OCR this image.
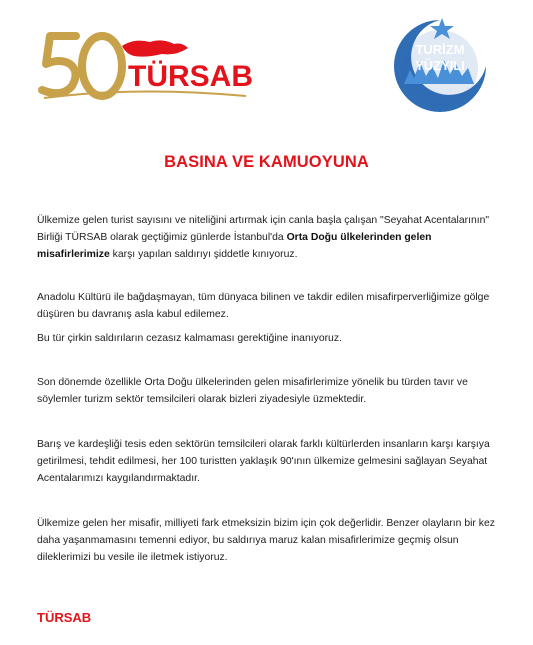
TÜRSAB
TURİZM
YÜZYILI
BASINA VE KAMUOYUNA

Ülkemize gelen turist sayısını ve niteliğini artırmak için canla başla çalışan "Seyahat Acentalarının" Birliği TÜRSAB olarak geçtiğimiz günlerde İstanbul'da Orta Doğu ülkelerinden gelen misafirlerimize karşı yapılan saldırıyı şiddetle kınıyoruz.

Anadolu Kültürü ile bağdaşmayan, tüm dünyaca bilinen ve takdir edilen misafirperverliğimize gölge düşüren bu davranış asla kabul edilemez.

Bu tür çirkin saldırıların cezasız kalmaması gerektiğine inanıyoruz.

Son dönemde özellikle Orta Doğu ülkelerinden gelen misafirlerimize yönelik bu türden tavır ve söylemler turizm sektör temsilcileri olarak bizleri ziyadesiyle üzmektedir.

Barış ve kardeşliği tesis eden sektörün temsilcileri olarak farklı kültürlerden insanların karşı karşıya getirilmesi, tehdit edilmesi, her 100 turistten yaklaşık 90'ının ülkemize gelmesini sağlayan Seyahat Acentalarımızı kaygılandırmaktadır.

Ülkemize gelen her misafir, milliyeti fark etmeksizin bizim için çok değerlidir. Benzer olayların bir kez daha yaşanmamasını temenni ediyor, bu saldırıya maruz kalan misafirlerimize geçmiş olsun dileklerimizi bu vesile ile iletmek istiyoruz.

TÜRSAB
